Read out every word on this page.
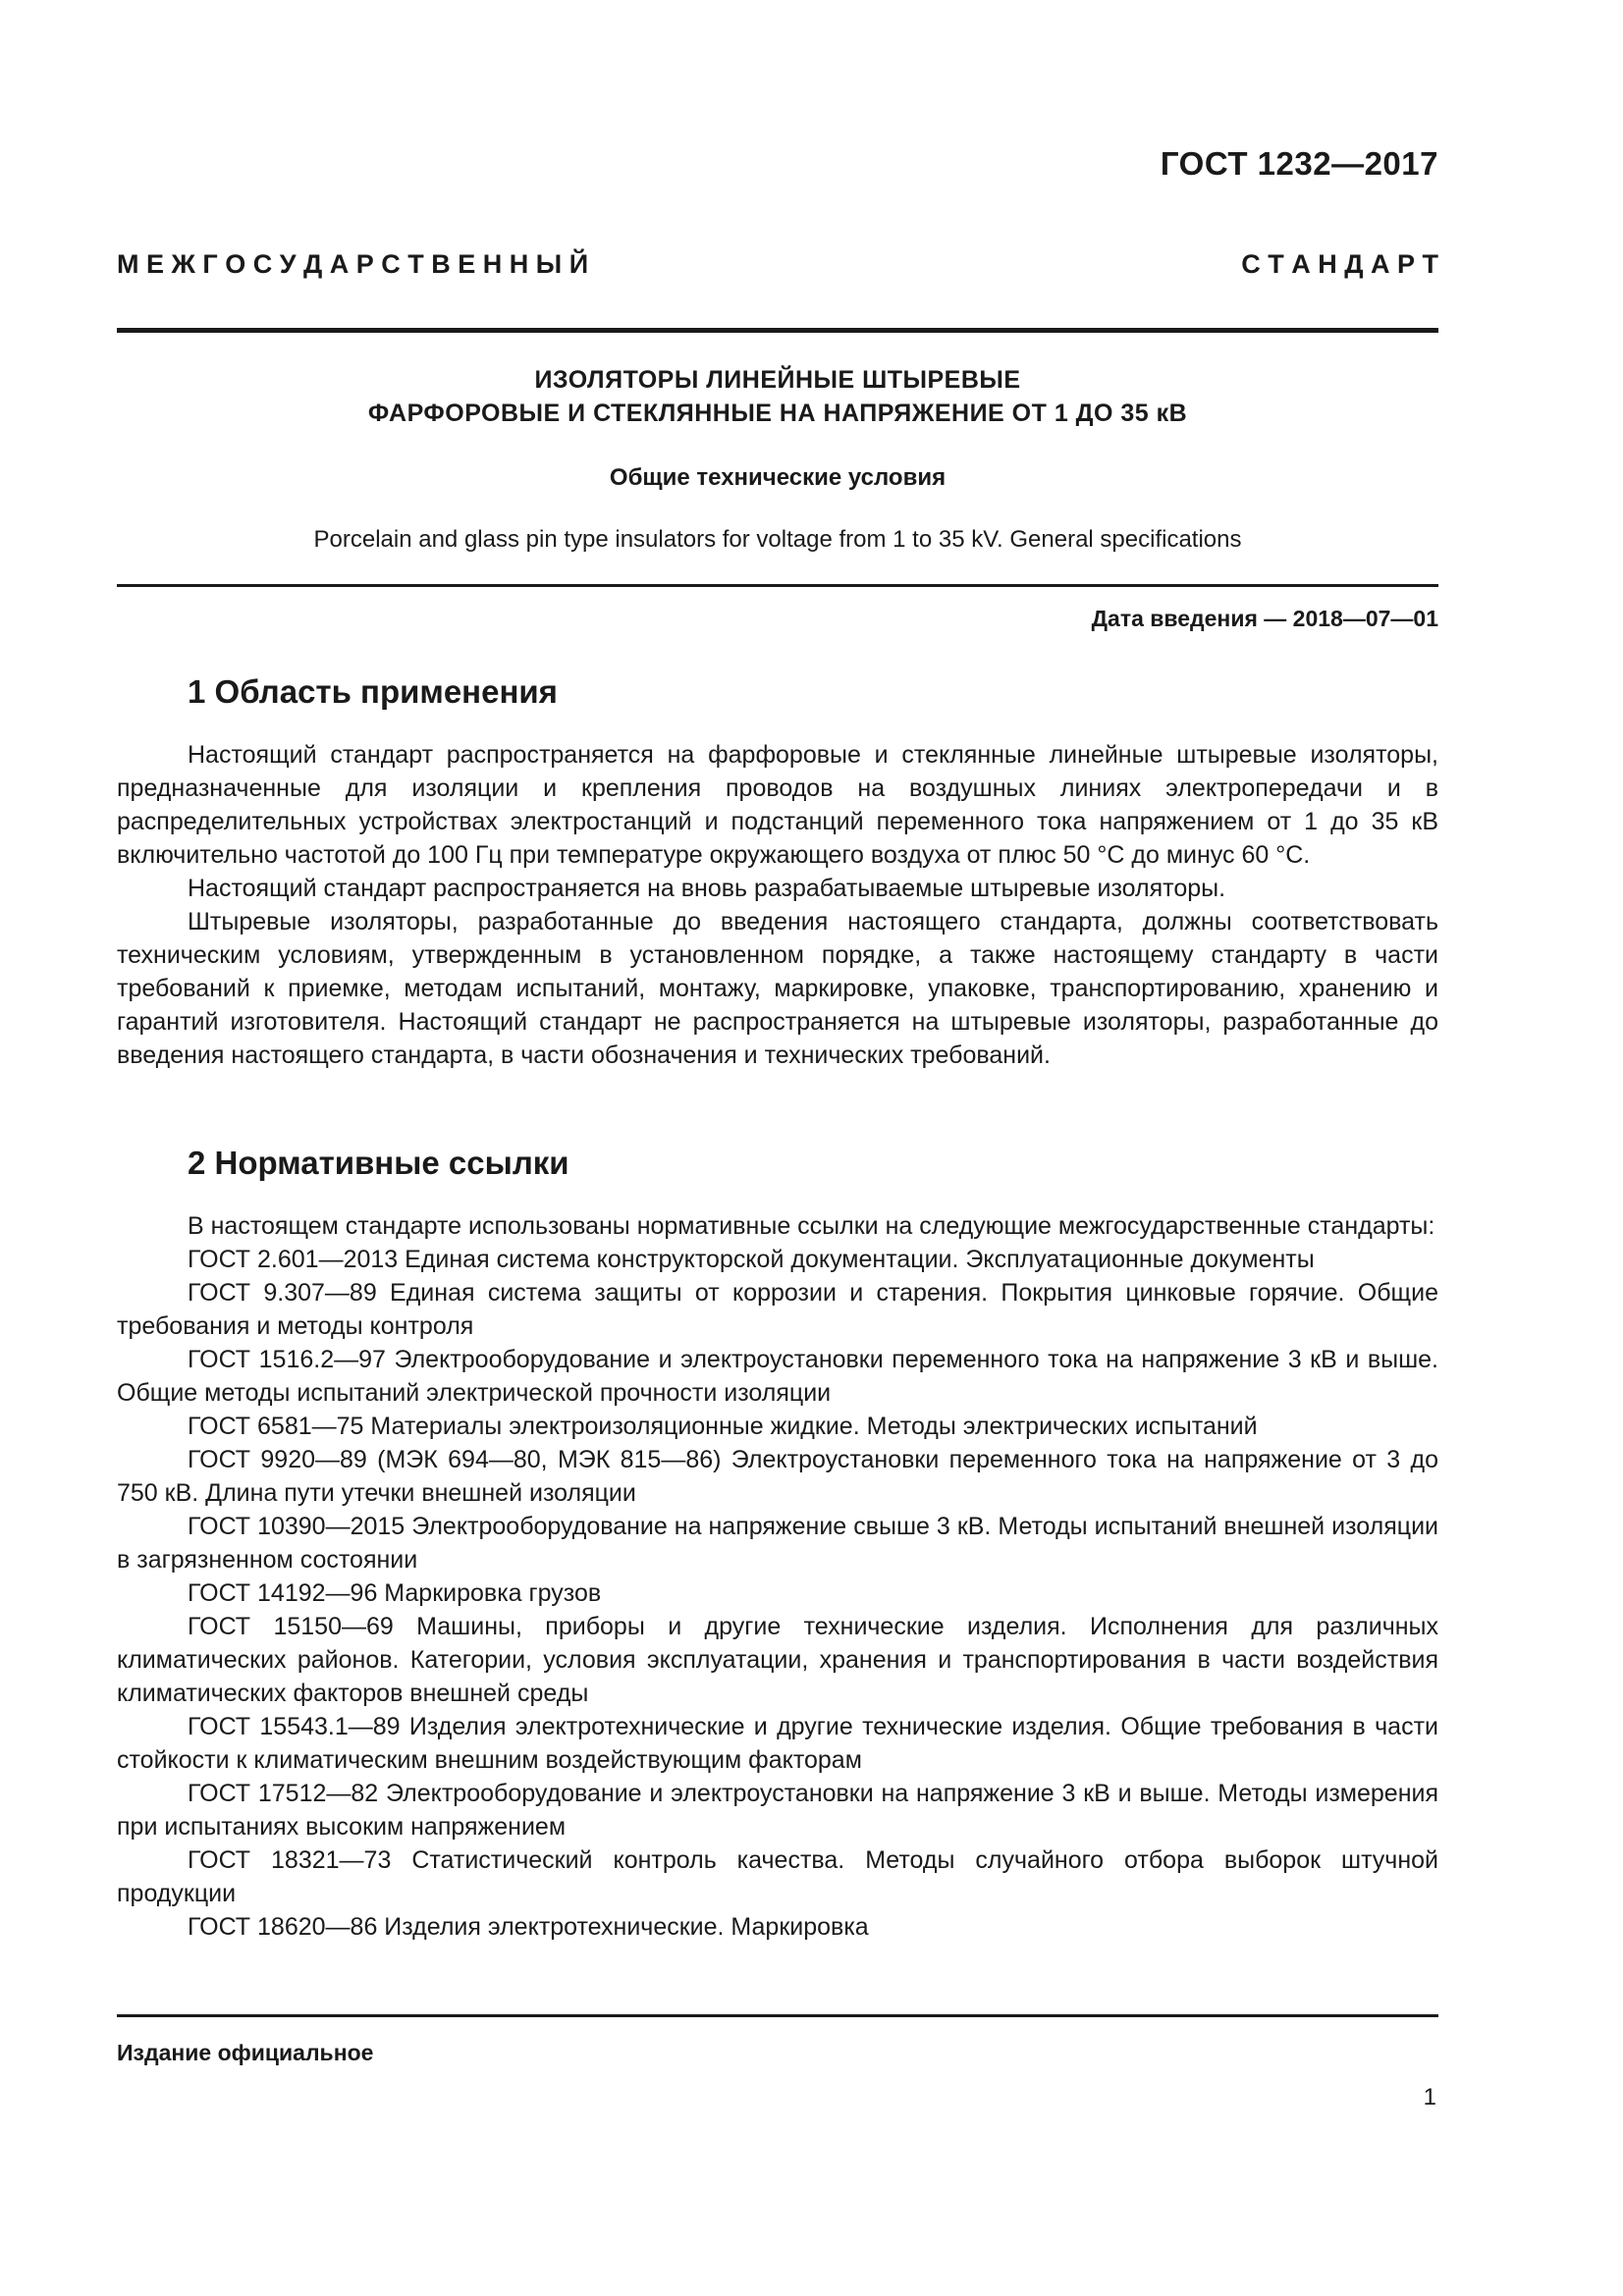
ГОСТ 1232—2017
М Е Ж Г О С У Д А Р С Т В Е Н Н Ы Й	С Т А Н Д А Р Т
ИЗОЛЯТОРЫ ЛИНЕЙНЫЕ ШТЫРЕВЫЕ
ФАРФОРОВЫЕ И СТЕКЛЯННЫЕ НА НАПРЯЖЕНИЕ ОТ 1 ДО 35 кВ
Общие технические условия
Porcelain and glass pin type insulators for voltage from 1 to 35 kV. General specifications
Дата введения — 2018—07—01
1 Область применения

Настоящий стандарт распространяется на фарфоровые и стеклянные линейные штыревые изоляторы, предназначенные для изоляции и крепления проводов на воздушных линиях электропередачи и в распределительных устройствах электростанций и подстанций переменного тока напряжением от 1 до 35 кВ включительно частотой до 100 Гц при температуре окружающего воздуха от плюс 50 °С до минус 60 °С.

Настоящий стандарт распространяется на вновь разрабатываемые штыревые изоляторы.

Штыревые изоляторы, разработанные до введения настоящего стандарта, должны соответствовать техническим условиям, утвержденным в установленном порядке, а также настоящему стандарту в части требований к приемке, методам испытаний, монтажу, маркировке, упаковке, транспортированию, хранению и гарантий изготовителя. Настоящий стандарт не распространяется на штыревые изоляторы, разработанные до введения настоящего стандарта, в части обозначения и технических требований.

2 Нормативные ссылки

В настоящем стандарте использованы нормативные ссылки на следующие межгосударственные стандарты:

ГОСТ 2.601—2013 Единая система конструкторской документации. Эксплуатационные документы

ГОСТ 9.307—89 Единая система защиты от коррозии и старения. Покрытия цинковые горячие. Общие требования и методы контроля

ГОСТ 1516.2—97 Электрооборудование и электроустановки переменного тока на напряжение 3 кВ и выше. Общие методы испытаний электрической прочности изоляции

ГОСТ 6581—75 Материалы электроизоляционные жидкие. Методы электрических испытаний

ГОСТ 9920—89 (МЭК 694—80, МЭК 815—86) Электроустановки переменного тока на напряжение от 3 до 750 кВ. Длина пути утечки внешней изоляции

ГОСТ 10390—2015 Электрооборудование на напряжение свыше 3 кВ. Методы испытаний внешней изоляции в загрязненном состоянии

ГОСТ 14192—96 Маркировка грузов

ГОСТ 15150—69 Машины, приборы и другие технические изделия. Исполнения для различных климатических районов. Категории, условия эксплуатации, хранения и транспортирования в части воздействия климатических факторов внешней среды

ГОСТ 15543.1—89 Изделия электротехнические и другие технические изделия. Общие требования в части стойкости к климатическим внешним воздействующим факторам

ГОСТ 17512—82 Электрооборудование и электроустановки на напряжение 3 кВ и выше. Методы измерения при испытаниях высоким напряжением

ГОСТ 18321—73 Статистический контроль качества. Методы случайного отбора выборок штучной продукции

ГОСТ 18620—86 Изделия электротехнические. Маркировка

Издание официальное
1
